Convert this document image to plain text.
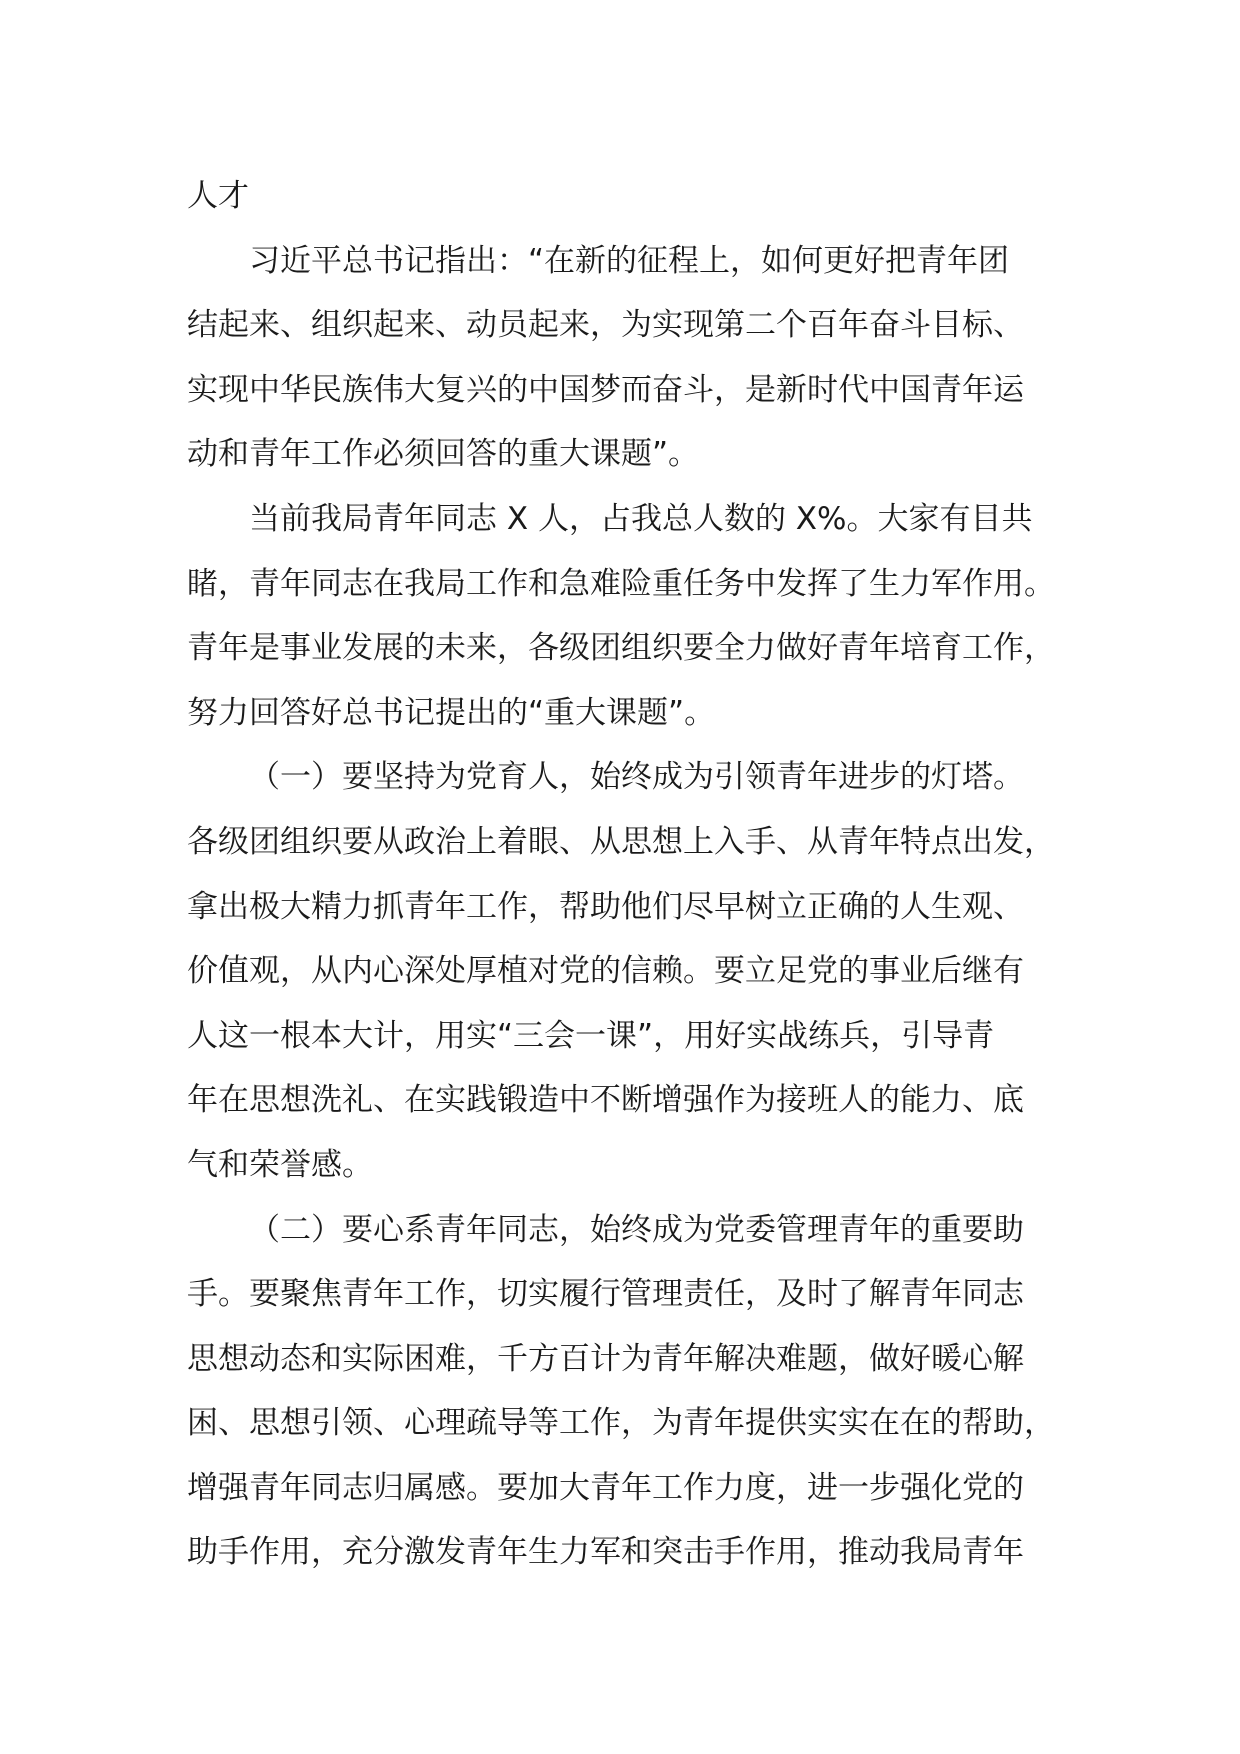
人才
习近平总书记指出：“在新的征程上，如何更好把青年团
结起来、组织起来、动员起来，为实现第二个百年奋斗目标、
实现中华民族伟大复兴的中国梦而奋斗，是新时代中国青年运
动和青年工作必须回答的重大课题”。
当前我局青年同志 X 人，占我总人数的 X%。大家有目共
睹，青年同志在我局工作和急难险重任务中发挥了生力军作用。
青年是事业发展的未来，各级团组织要全力做好青年培育工作，
努力回答好总书记提出的“重大课题”。
（一）要坚持为党育人，始终成为引领青年进步的灯塔。
各级团组织要从政治上着眼、从思想上入手、从青年特点出发，
拿出极大精力抓青年工作，帮助他们尽早树立正确的人生观、
价值观，从内心深处厚植对党的信赖。要立足党的事业后继有
人这一根本大计，用实“三会一课”，用好实战练兵，引导青
年在思想洗礼、在实践锻造中不断增强作为接班人的能力、底
气和荣誉感。
（二）要心系青年同志，始终成为党委管理青年的重要助
手。要聚焦青年工作，切实履行管理责任，及时了解青年同志
思想动态和实际困难，千方百计为青年解决难题，做好暖心解
困、思想引领、心理疏导等工作，为青年提供实实在在的帮助，
增强青年同志归属感。要加大青年工作力度，进一步强化党的
助手作用，充分激发青年生力军和突击手作用，推动我局青年
